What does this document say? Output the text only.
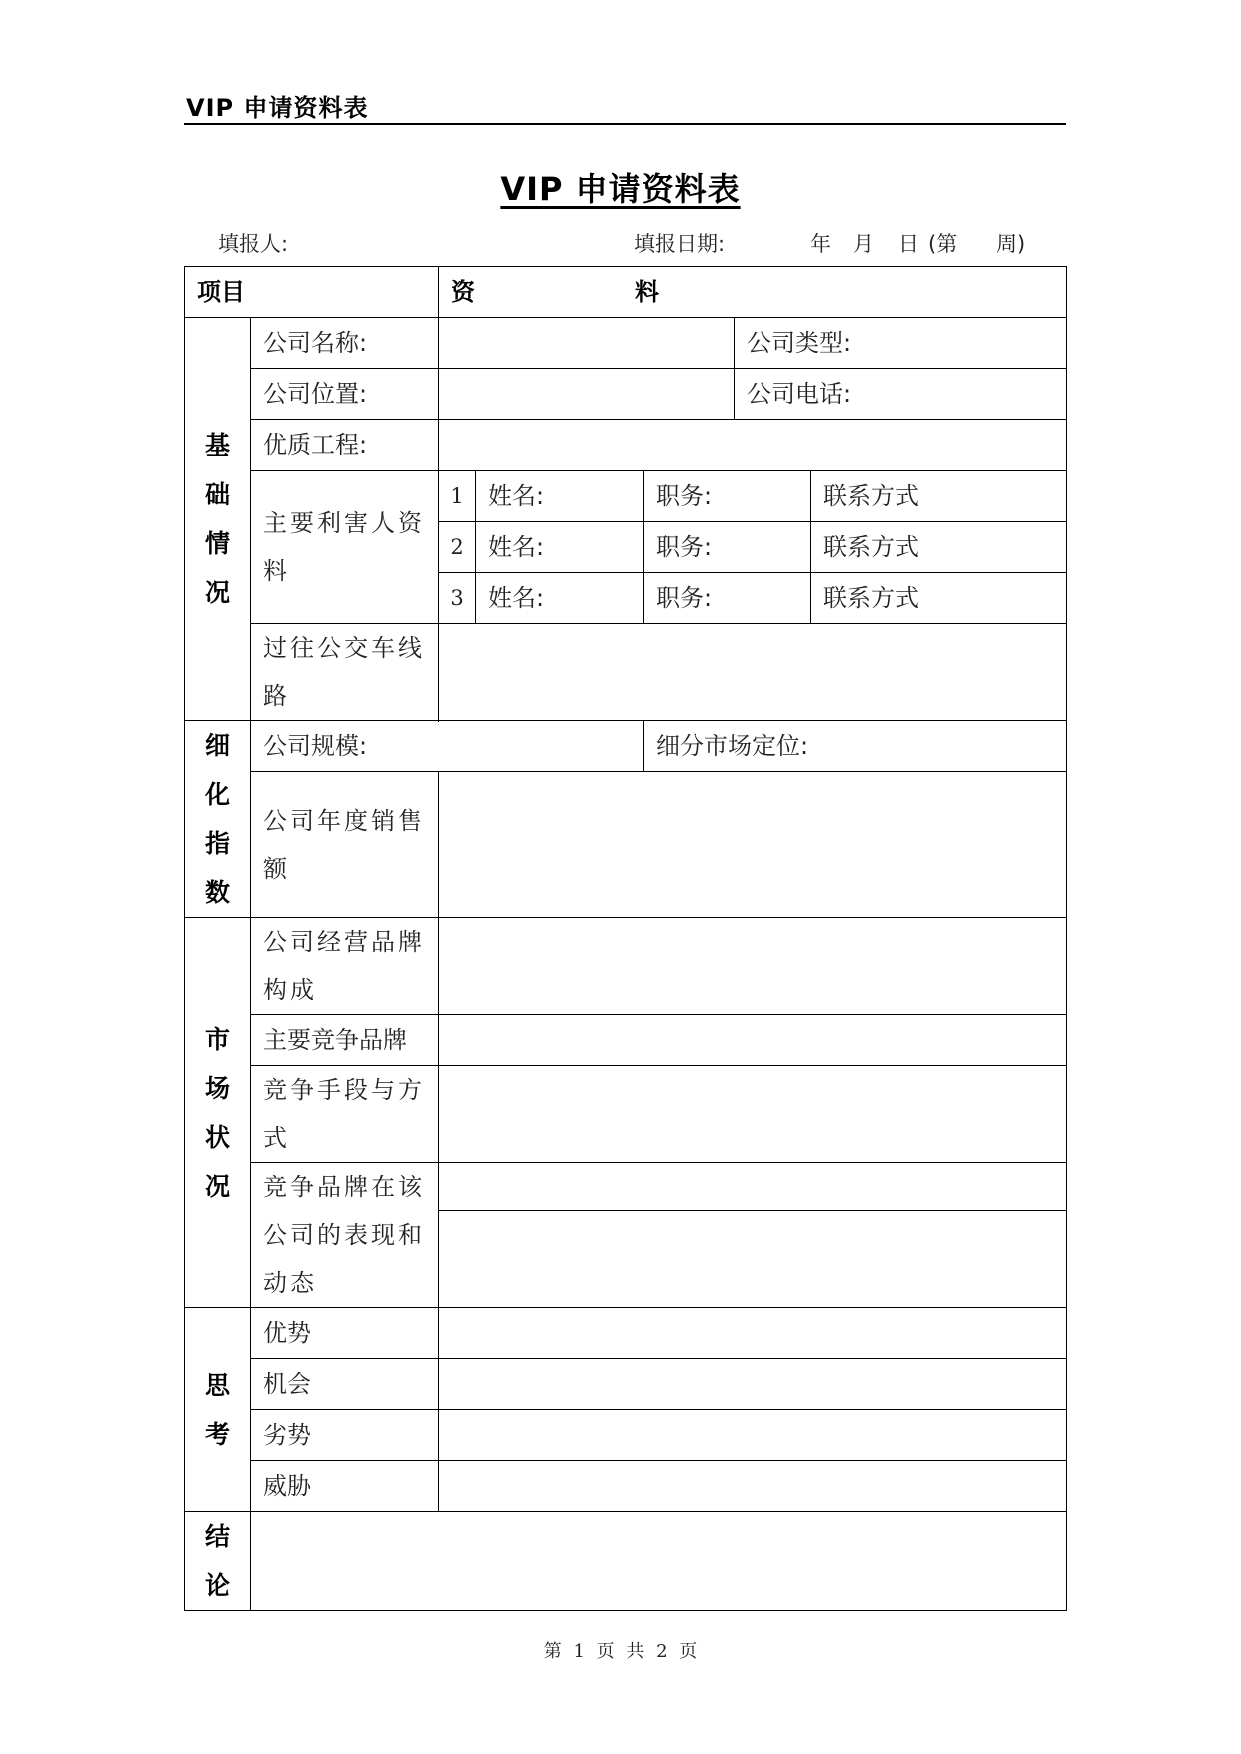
VIP 申请资料表
VIP 申请资料表
填报人:	填报日期:	年 月 日 (第 周)
项目		资 料				
基础情况	公司名称:				公司类型:	
	公司位置:				公司电话:	
	优质工程:					
	主要利害人资料	1	姓名:	职务:		联系方式
		2	姓名:	职务:		联系方式
		3	姓名:	职务:		联系方式
	过往公交车线路					

细化指数	公司规模:			细分市场定位:		
	公司年度销售额					
市场状况	公司经营品牌构成					
	主要竞争品牌					
	竞争手段与方式					
	竞争品牌在该公司的表现和动态					

思考	优势					
	机会					
	劣势					
	威胁					
结论						
第 1 页 共 2 页
